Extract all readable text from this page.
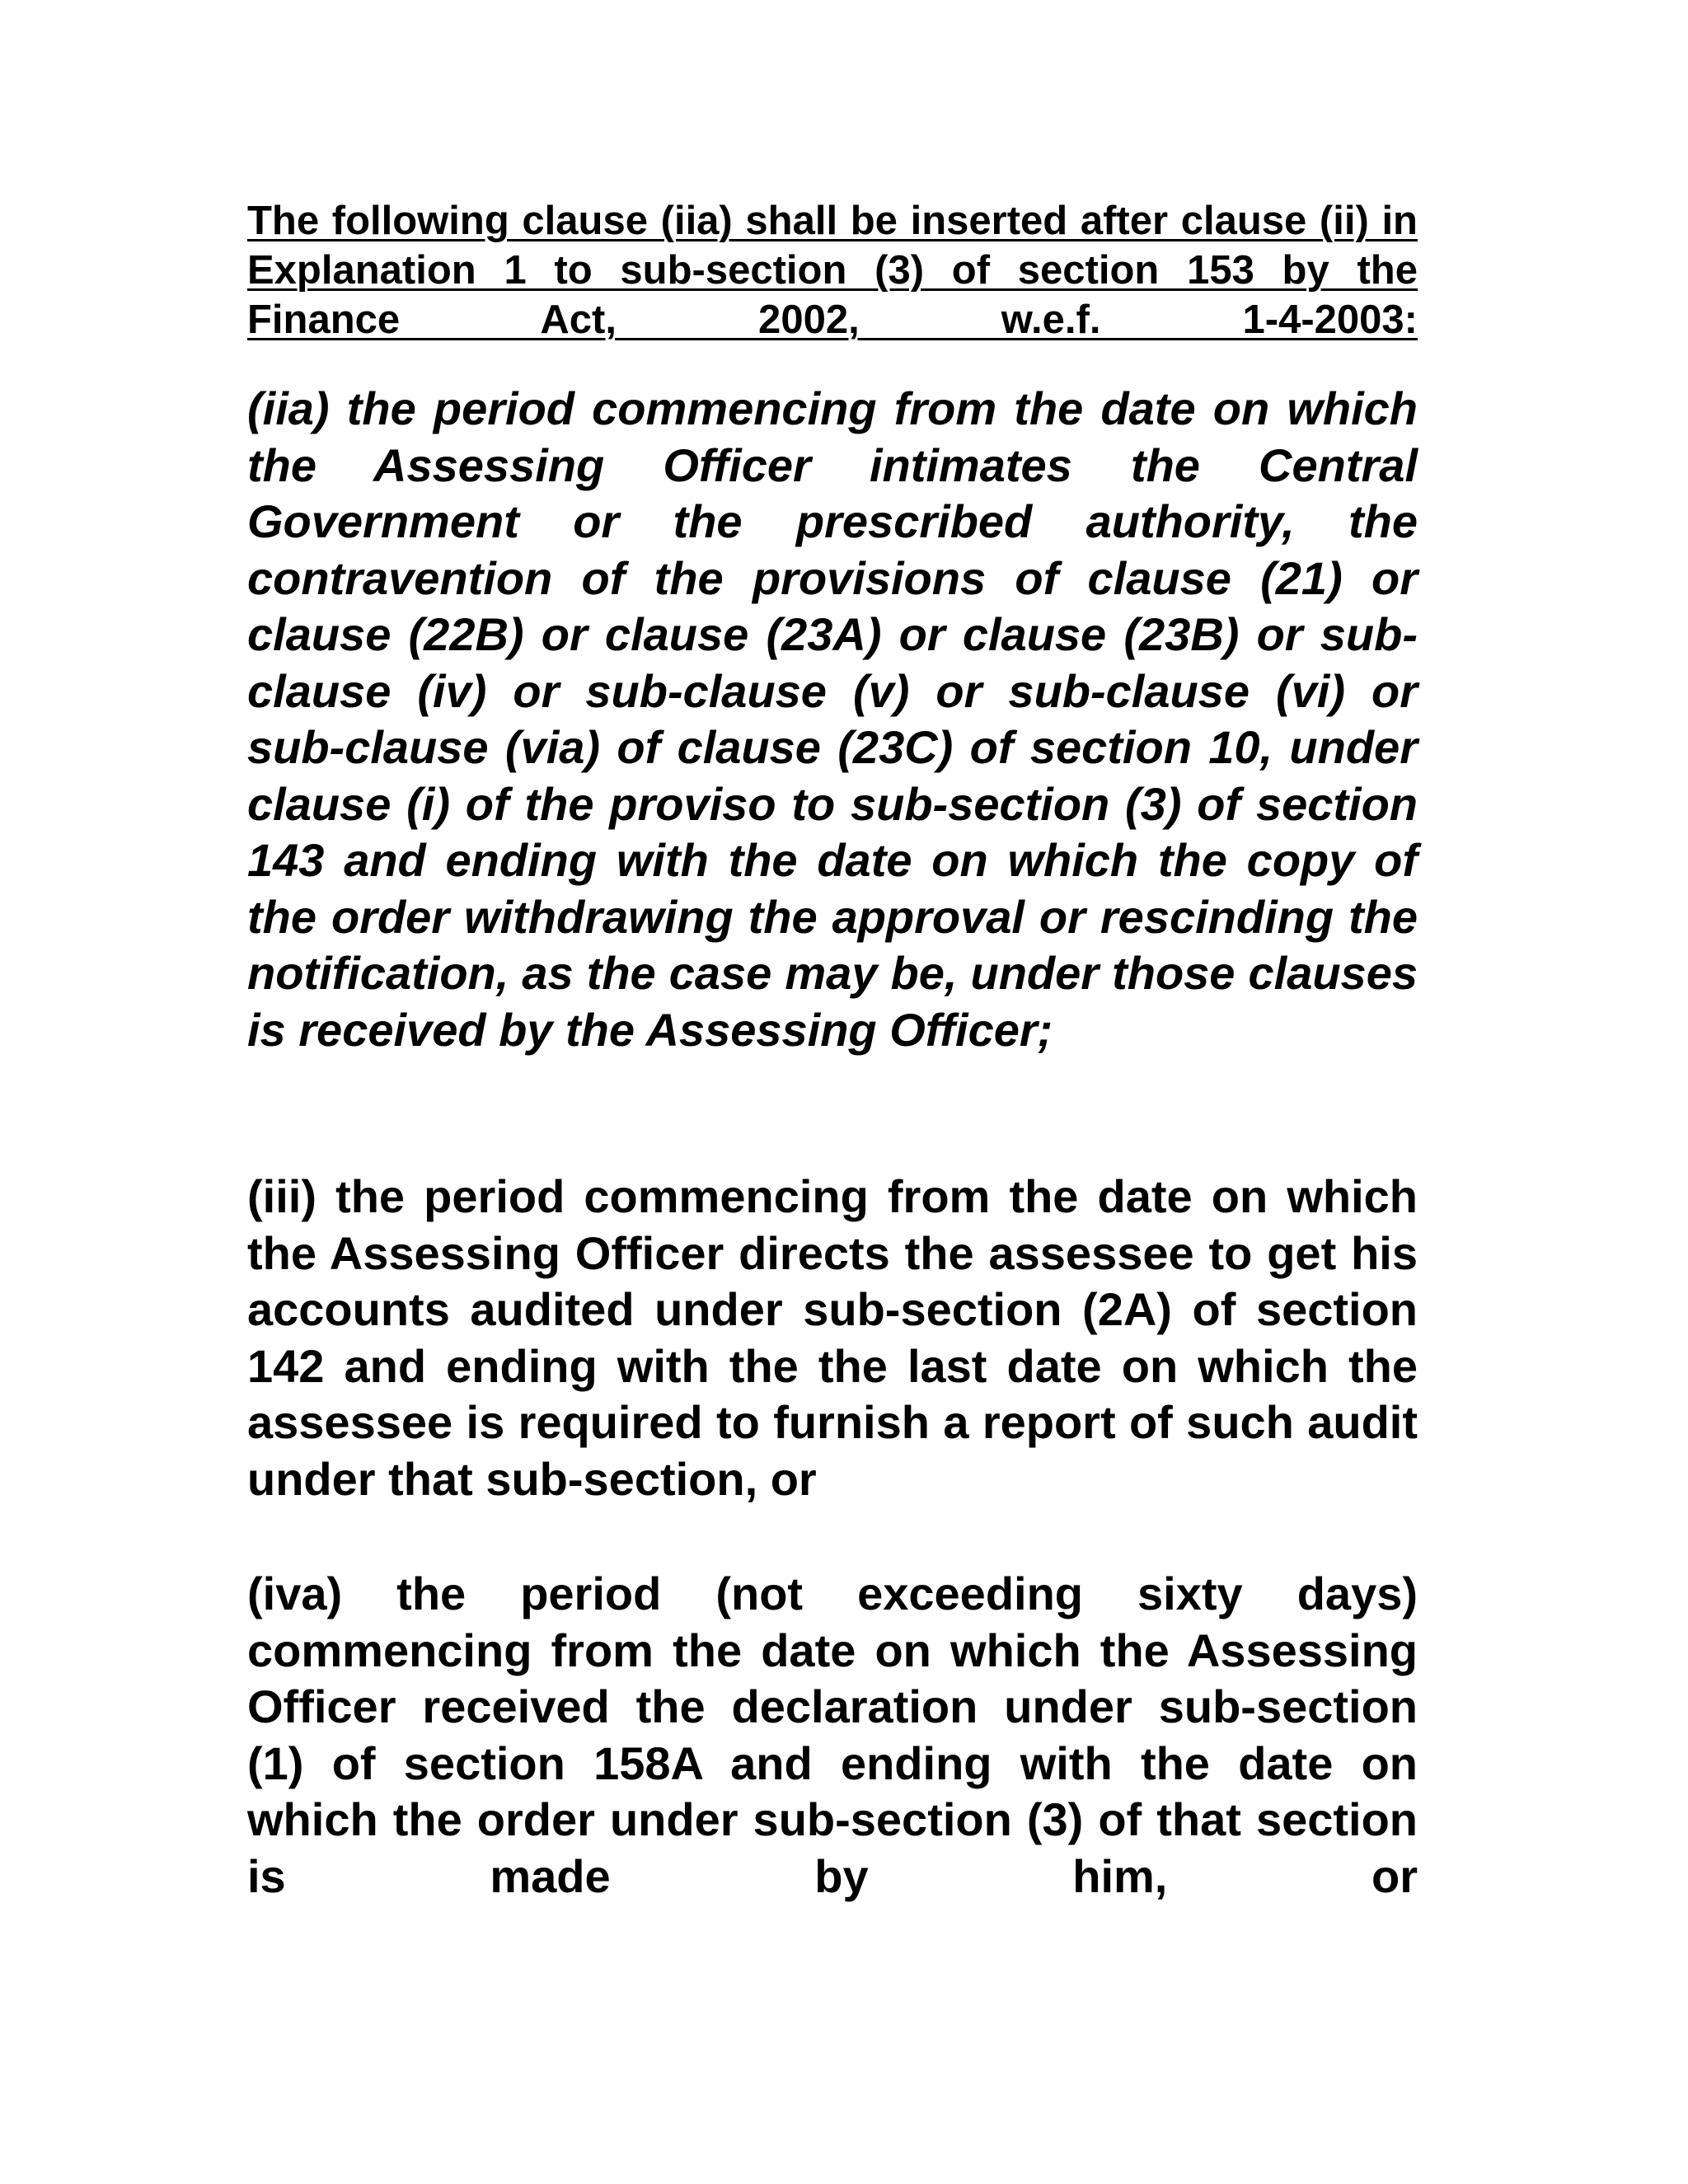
The following clause (iia) shall be inserted after clause (ii) in Explanation 1 to sub-section (3) of section 153 by the Finance Act, 2002, w.e.f. 1-4-2003:

(iia) the period commencing from the date on which the Assessing Officer intimates the Central Government or the prescribed authority, the contravention of the provisions of clause (21) or clause (22B) or clause (23A) or clause (23B) or sub-clause (iv) or sub-clause (v) or sub-clause (vi) or sub-clause (via) of clause (23C) of section 10, under clause (i) of the proviso to sub-section (3) of section 143 and ending with the date on which the copy of the order withdrawing the approval or rescinding the notification, as the case may be, under those clauses is received by the Assessing Officer;

(iii) the period commencing from the date on which the Assessing Officer directs the assessee to get his accounts audited under sub-section (2A) of section 142 and ending with the the last date on which the assessee is required to furnish a report of such audit under that sub-section, or

(iva) the period (not exceeding sixty days) commencing from the date on which the Assessing Officer received the declaration under sub-section (1) of section 158A and ending with the date on which the order under sub-section (3) of that section is made by him, or
